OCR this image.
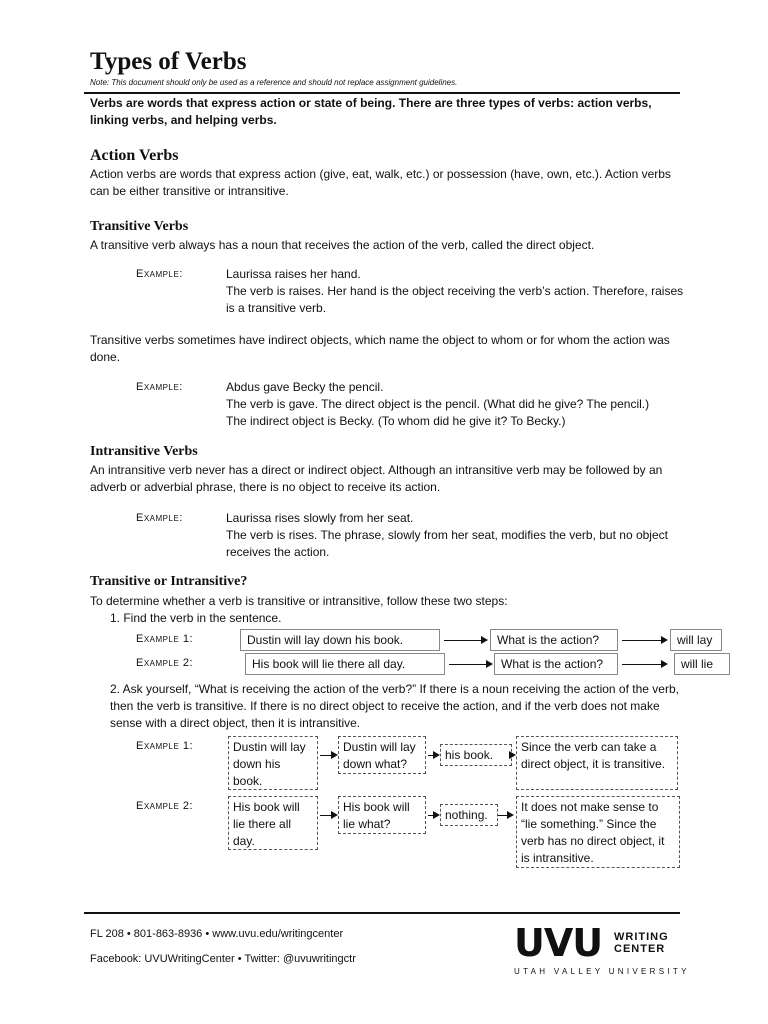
Types of Verbs
Note: This document should only be used as a reference and should not replace assignment guidelines.
Verbs are words that express action or state of being. There are three types of verbs: action verbs, linking verbs, and helping verbs.
Action Verbs
Action verbs are words that express action (give, eat, walk, etc.) or possession (have, own, etc.). Action verbs can be either transitive or intransitive.
Transitive Verbs
A transitive verb always has a noun that receives the action of the verb, called the direct object.
Example:	Laurissa raises her hand.
The verb is raises. Her hand is the object receiving the verb’s action. Therefore, raises is a transitive verb.
Transitive verbs sometimes have indirect objects, which name the object to whom or for whom the action was done.
Example:	Abdus gave Becky the pencil.
The verb is gave. The direct object is the pencil. (What did he give? The pencil.)
The indirect object is Becky. (To whom did he give it? To Becky.)
Intransitive Verbs
An intransitive verb never has a direct or indirect object. Although an intransitive verb may be followed by an adverb or adverbial phrase, there is no object to receive its action.
Example:	Laurissa rises slowly from her seat.
The verb is rises. The phrase, slowly from her seat, modifies the verb, but no object receives the action.
Transitive or Intransitive?
To determine whether a verb is transitive or intransitive, follow these two steps:
1. Find the verb in the sentence.
Example 1:	Dustin will lay down his book.	What is the action?	will lay
Example 2:	His book will lie there all day.	What is the action?	will lie
2. Ask yourself, “What is receiving the action of the verb?” If there is a noun receiving the action of the verb, then the verb is transitive. If there is no direct object to receive the action, and if the verb does not make sense with a direct object, then it is intransitive.
Example 1:	Dustin will lay down his book.
Dustin will lay down what?
his book.
Since the verb can take a direct object, it is transitive.
Example 2:	His book will lie there all day.
His book will lie what?
nothing.
It does not make sense to “lie something.” Since the verb has no direct object, it is intransitive.
FL 208 • 801-863-8936 • www.uvu.edu/writingcenter
Facebook: UVUWritingCenter • Twitter: @uvuwritingctr	UVU WRITING
CENTER
UTAH VALLEY UNIVERSITY
